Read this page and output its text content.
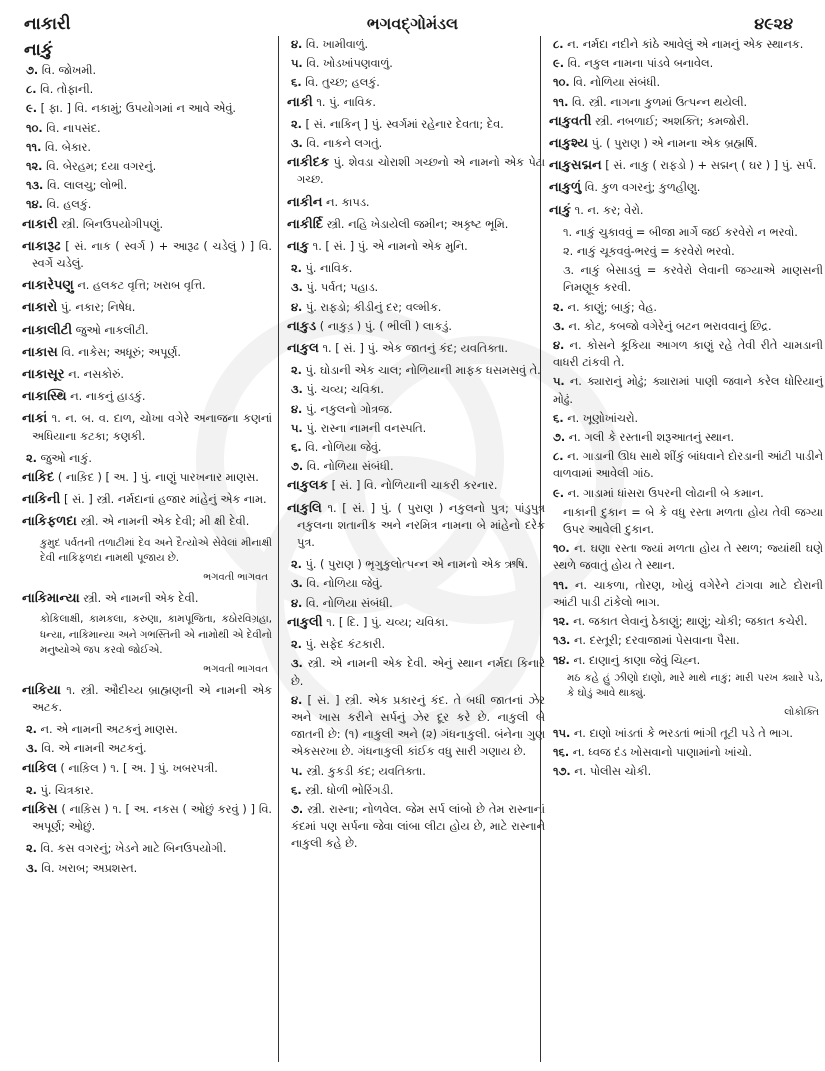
નાકારી	ભગવદ્ગોમંડલ	૪૯૨૪
નાકું
૭. વિ. જોખમી.
૮. વિ. તોફાની.
૯. [ ફા. ] વિ. નકામું; ઉપયોગમાં ન આવે એવું.
૧૦. વિ. નાપસંદ.
૧૧. વિ. બેકાર.
૧૨. વિ. બેરહમ; દયા વગરનું.
૧૩. વિ. લાલચુ; લોભી.
૧૪. વિ. હલકું.
નાકારી સ્ત્રી. બિનઉપયોગીપણું.
નાકારૂઢ [ સં. નાક ( સ્વર્ગ ) + આરૂઢ ( ચડેલું ) ] વિ. સ્વર્ગે ચડેલું.
નાકારેપણુ ન. હલકટ વૃત્તિ; ખરાબ વૃત્તિ.
નાકારો પું. નકાર; નિષેધ.
નાકાલીટી જુઓ નાકલીટી.
નાકાસ વિ. નાકેસ; અધૂરું; અપૂર્ણ.
નાકાસૂર ન. નસકોરું.
નાકાસ્થિ ન. નાકનું હાડકું.
નાકાં ૧. ન. બ. વ. દાળ, ચોખા વગેરે અનાજના કણનાં અધિયાના કટકા; કણકી.
૨. જુઓ નાકું.
નાકિદ ( નાક઼િદ ) [ અ. ] પું. નાણું પારખનાર માણસ.
નાકિની [ સં. ] સ્ત્રી. નર્મદાનાં હજાર માંહેનું એક નામ.
નાકિફળદા સ્ત્રી. એ નામની એક દેવી; મી ક્ષી દેવી.
કુમુદ પર્વતની તળાટીમાં દેવ અને દૈત્યોએ સેવેલાં મીનાક્ષી દેવી નાકિફળદા નામથી પૂજાય છે.
ભગવતી ભાગવત
નાકિમાન્યા સ્ત્રી. એ નામની એક દેવી.
કોકિલાક્ષી, કામકલા, કરુણા, કામપૂજિતા, કઠોરવિગ્રહા, ધન્યા, નાકિમાન્યા અને ગભસ્તિની એ નામોથી એ દેવીનો મનુષ્યોએ જપ કરવો જોઈએ.
ભગવતી ભાગવત
નાકિયા ૧. સ્ત્રી. ઔદીચ્ય બ્રાહ્મણની એ નામની એક અટક.
૨. ન. એ નામની અટકનું માણસ.
૩. વિ. એ નામની અટકનું.
નાકિલ ( નાક઼િલ ) ૧. [ અ. ] પું. ખબરપત્રી.
૨. પું. ચિત્રકાર.
નાકિસ ( નાક઼િસ ) ૧. [ અ. નકસ ( ઓછું કરવું ) ] વિ. અપૂર્ણ; ઓછું.
૨. વિ. કસ વગરનું; ખેડને માટે બિનઉપયોગી.
૩. વિ. ખરાબ; અપ્રશસ્ત.
૪. વિ. ખામીવાળું.
૫. વિ. ખોડખાંપણવાળું.
૬. વિ. તુચ્છ; હલકું.
નાકી ૧. પું. નાવિક.
૨. [ સં. નાકિન્ ] પું. સ્વર્ગમાં રહેનાર દેવતા; દેવ.
૩. વિ. નાકને લગતું.
નાકીદક પું. શેવડા ચોરાશી ગચ્છનો એ નામનો એક પેટા ગચ્છ.
નાકીન ન. કાપડ.
નાકીર્દિ સ્ત્રી. નહિ ખેડાયેલી જમીન; અકૃષ્ટ ભૂમિ.
નાકુ ૧. [ સં. ] પું. એ નામનો એક મુનિ.
૨. પું. નાવિક.
૩. પું. પર્વત; પહાડ.
૪. પું. રાફડો; કીડીનું દર; વલ્મીક.
નાકુડ ( નાકુડ઼ ) પું. ( ભીલી ) લાકડું.
નાકુલ ૧. [ સં. ] પું. એક જાતનું કંદ; યવતિક્તા.
૨. પું. ઘોડાની એક ચાલ; નોળિયાની માફક ધસમસવું તે.
૩. પું. ચવ્ય; ચવિકા.
૪. પું. નકુલનો ગોત્રજ.
૫. પું. રાસ્ના નામની વનસ્પતિ.
૬. વિ. નોળિયા જેવું.
૭. વિ. નોળિયા સંબંધી.
નાકુલક [ સં. ] વિ. નોળિયાની ચાકરી કરનાર.
નાકુલિ ૧. [ સં. ] પું. ( પુરાણ ) નકુલનો પુત્ર; પાંડુપુત્ર નકુલના શતાનીક અને નરમિત્ર નામના બે માંહેનો દરેક પુત્ર.
૨. પું. ( પુરાણ ) ભૃગુકુલોત્પન્ન એ નામનો એક ઋષિ.
૩. વિ. નોળિયા જેવું.
૪. વિ. નોળિયા સંબંધી.
નાકુલી ૧. [ દિ. ] પું. ચવ્ય; ચવિકા.
૨. પું. સફેદ કંટકારી.
૩. સ્ત્રી. એ નામની એક દેવી. એનું સ્થાન નર્મદા કિનારે છે.
૪. [ સં. ] સ્ત્રી. એક પ્રકારનું કંદ. તે બધી જાતનાં ઝેર અને ખાસ કરીને સર્પનું ઝેર દૂર કરે છે. નાકુલી બે જાતની છે: (૧) નાકુલી અને (૨) ગંધનાકુલી. બંનેના ગુણ એકસરખા છે. ગંધનાકુલી કાંઈક વધુ સારી ગણાય છે.
૫. સ્ત્રી. કુકડી કંદ; યવતિક્તા.
૬. સ્ત્રી. ધોળી ભોરિંગડી.
૭. સ્ત્રી. રાસ્ના; નોળવેલ. જેમ સર્પ લાંબો છે તેમ રાસ્નાનાં કંદમાં પણ સર્પના જેવા લાંબા લીટા હોય છે, માટે રાસ્નાને નાકુલી કહે છે.
૮. ન. નર્મદા નદીને કાંઠે આવેલું એ નામનું એક સ્થાનક.
૯. વિ. નકુલ નામના પાંડવે બનાવેલ.
૧૦. વિ. નોળિયા સંબંધી.
૧૧. વિ. સ્ત્રી. નાગના કુળમાં ઉત્પન્ન થયેલી.
નાકુવતી સ્ત્રી. નબળાઈ; અશક્તિ; કમજોરી.
નાકુશ્ય પું. ( પુરાણ ) એ નામના એક બ્રહ્મર્ષિ.
નાકુસદ્મન [ સં. નાકુ ( રાફડો ) + સદ્મન્ ( ઘર ) ] પું. સર્પ.
નાકુળું વિ. કુળ વગરનું; કુળહીણુ.
નાકું ૧. ન. કર; વેરો.
૧. નાકું ચુકાવવું = બીજા માર્ગે જઈ કરવેરો ન ભરવો.
૨. નાકું ચૂકવવું-ભરવું = કરવેરો ભરવો.
૩. નાકું બેસાડવું = કરવેરો લેવાની જગ્યાએ માણસની નિમણૂક કરવી.
૨. ન. કાણું; બાકું; વેહ.
૩. ન. કોટ, કબજો વગેરેનું બટન ભરાવવાનું છિદ્ર.
૪. ન. કોસને કૂકિયા આગળ કાણું રહે તેવી રીતે ચામડાની વાધરી ટાંકવી તે.
૫. ન. ક્યારાનું મોઢું; ક્યારામાં પાણી જવાને કરેલ ધોરિયાનું મોઢું.
૬. ન. ખૂણોખાંચરો.
૭. ન. ગલી કે રસ્તાની શરૂઆતનું સ્થાન.
૮. ન. ગાડાની ઊધ સાથે શીંકું બાંધવાને દોરડાની આંટી પાડીને વાળવામાં આવેલી ગાંઠ.
૯. ન. ગાડામાં ધાંસરા ઉપરની લોઢાની બે કમાન.
નાકાની દુકાન = બે કે વધુ રસ્તા મળતા હોય તેવી જગ્યા ઉપર આવેલી દુકાન.
૧૦. ન. ઘણા રસ્તા જ્યાં મળતા હોય તે સ્થળ; જ્યાંથી ઘણે સ્થળે જવાતું હોય તે સ્થાન.
૧૧. ન. ચાકળા, તોરણ, ખોયું વગેરેને ટાંગવા માટે દોરાની આંટી પાડી ટાંકેલો ભાગ.
૧૨. ન. જકાત લેવાનું ઠેકાણું; થાણું; ચોકી; જકાત કચેરી.
૧૩. ન. દસ્તૂરી; દરવાજામાં પેસવાના પૈસા.
૧૪. ન. દાણાનું કાણા જેવું ચિહ્ન.
મઠ કહે હું ઝીણો દાણો, મારે માથે નાકું; મારી પરખ ક્યારે પડે, કે ઘોડું આવે થાક્યું.
લોકોક્તિ
૧૫. ન. દાણો ખાંડતાં કે ભરડતાં ભાંગી તૂટી પડે તે ભાગ.
૧૬. ન. ધ્વજ દંડ ખોસવાનો પાણામાંનો ખાંચો.
૧૭. ન. પોલીસ ચોકી.
